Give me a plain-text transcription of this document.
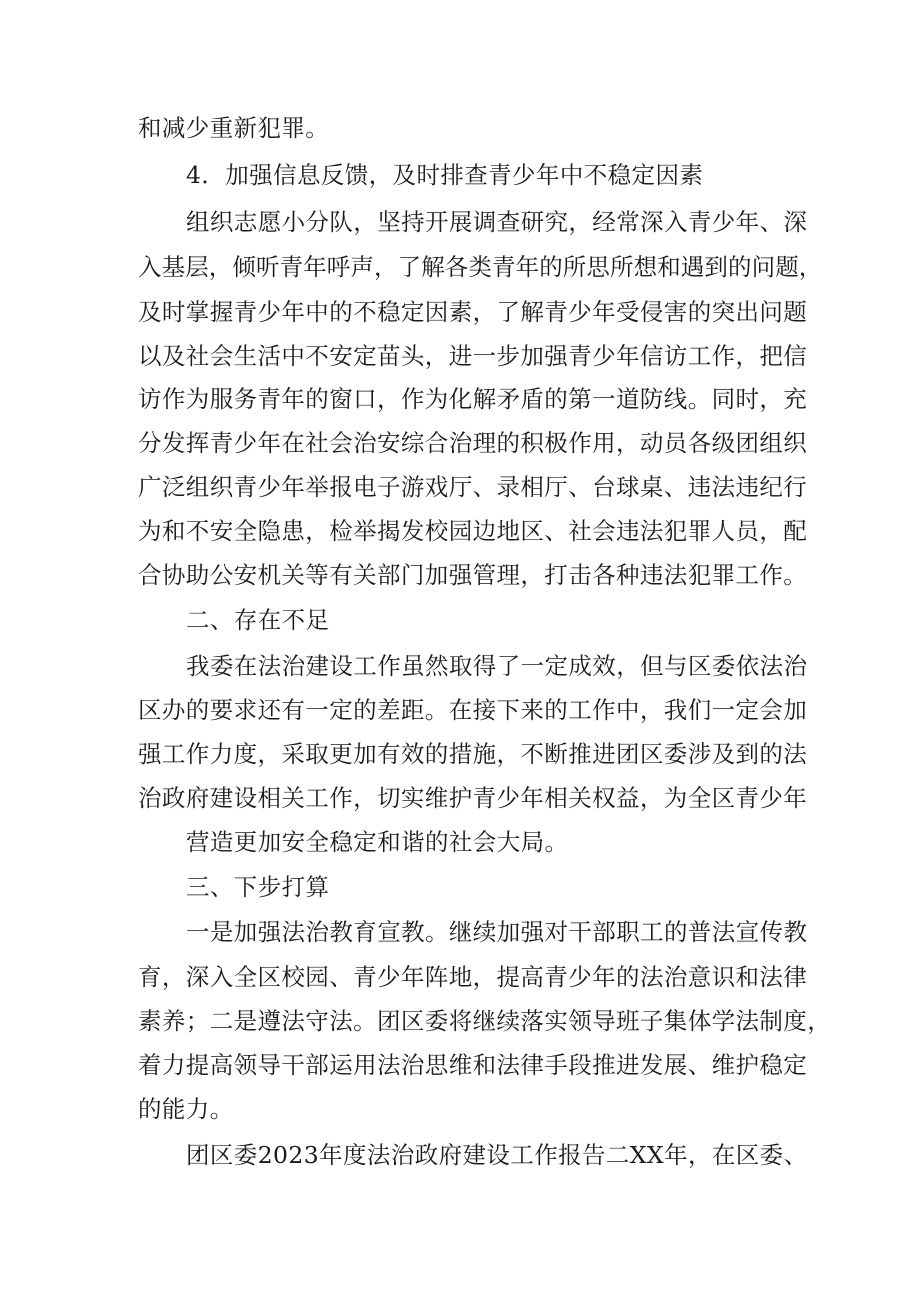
和减少重新犯罪。
4．加强信息反馈，及时排查青少年中不稳定因素
组织志愿小分队，坚持开展调查研究，经常深入青少年、深
入基层，倾听青年呼声，了解各类青年的所思所想和遇到的问题，
及时掌握青少年中的不稳定因素，了解青少年受侵害的突出问题
以及社会生活中不安定苗头，进一步加强青少年信访工作，把信
访作为服务青年的窗口，作为化解矛盾的第一道防线。同时，充
分发挥青少年在社会治安综合治理的积极作用，动员各级团组织
广泛组织青少年举报电子游戏厅、录相厅、台球桌、违法违纪行
为和不安全隐患，检举揭发校园边地区、社会违法犯罪人员，配
合协助公安机关等有关部门加强管理，打击各种违法犯罪工作。
二、存在不足
我委在法治建设工作虽然取得了一定成效，但与区委依法治
区办的要求还有一定的差距。在接下来的工作中，我们一定会加
强工作力度，采取更加有效的措施，不断推进团区委涉及到的法
治政府建设相关工作，切实维护青少年相关权益，为全区青少年
营造更加安全稳定和谐的社会大局。
三、下步打算
一是加强法治教育宣教。继续加强对干部职工的普法宣传教
育，深入全区校园、青少年阵地，提高青少年的法治意识和法律
素养；二是遵法守法。团区委将继续落实领导班子集体学法制度，
着力提高领导干部运用法治思维和法律手段推进发展、维护稳定
的能力。
团区委2023年度法治政府建设工作报告二XX年，在区委、
